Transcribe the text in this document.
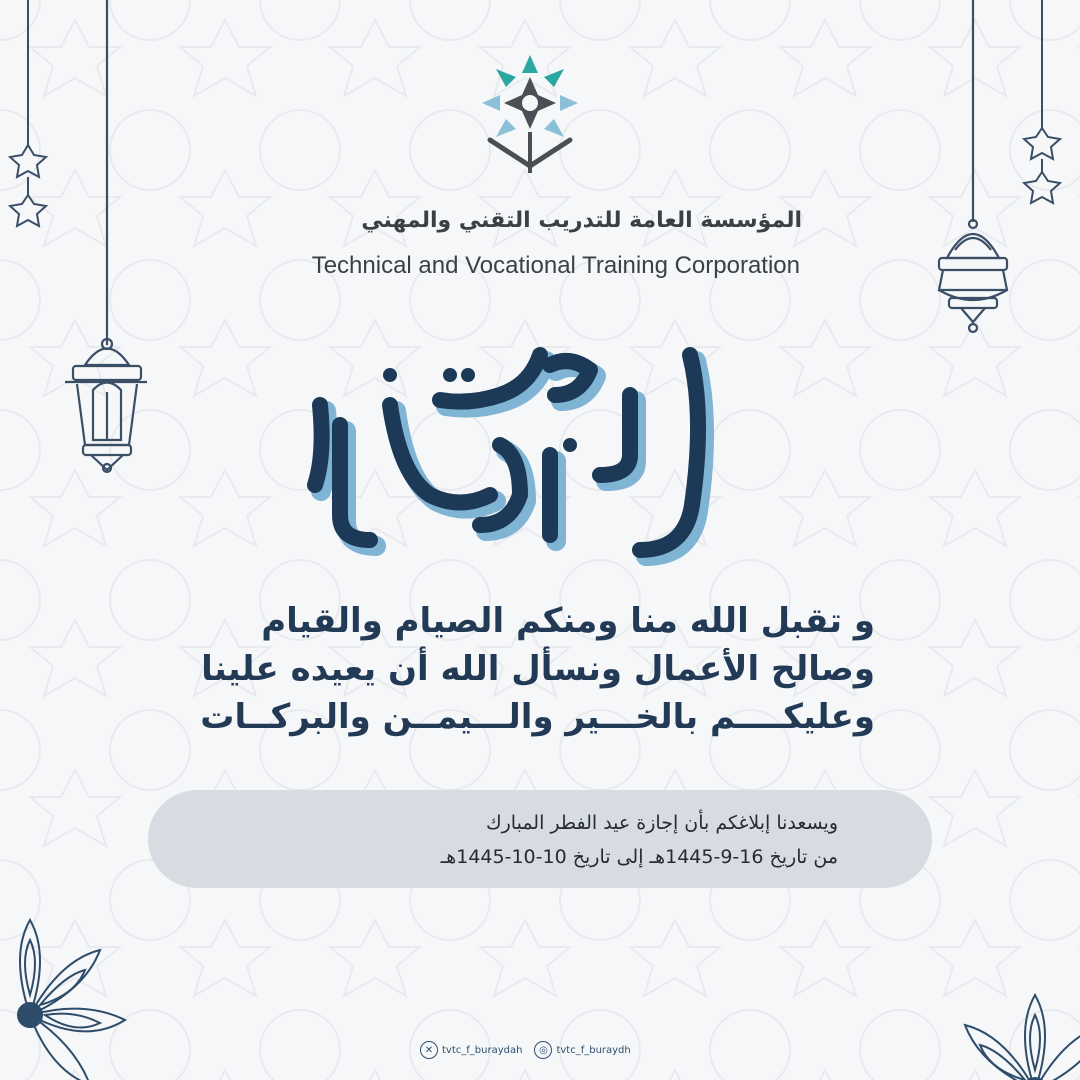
المؤسسة العامة للتدريب التقني والمهني
Technical and Vocational Training Corporation
و تقبل الله منا ومنكم الصيام والقيام
وصالح الأعمال ونسأل الله أن يعيده علينا
وعليكــــم بالخـــير والـــيمــن والبركــات
ويسعدنا إبلاغكم بأن إجازة عيد الفطر المبارك
من تاريخ 16-9-1445هـ إلى تاريخ 10-10-1445هـ
✕ tvtc_f_buraydah	◎ tvtc_f_buraydh
